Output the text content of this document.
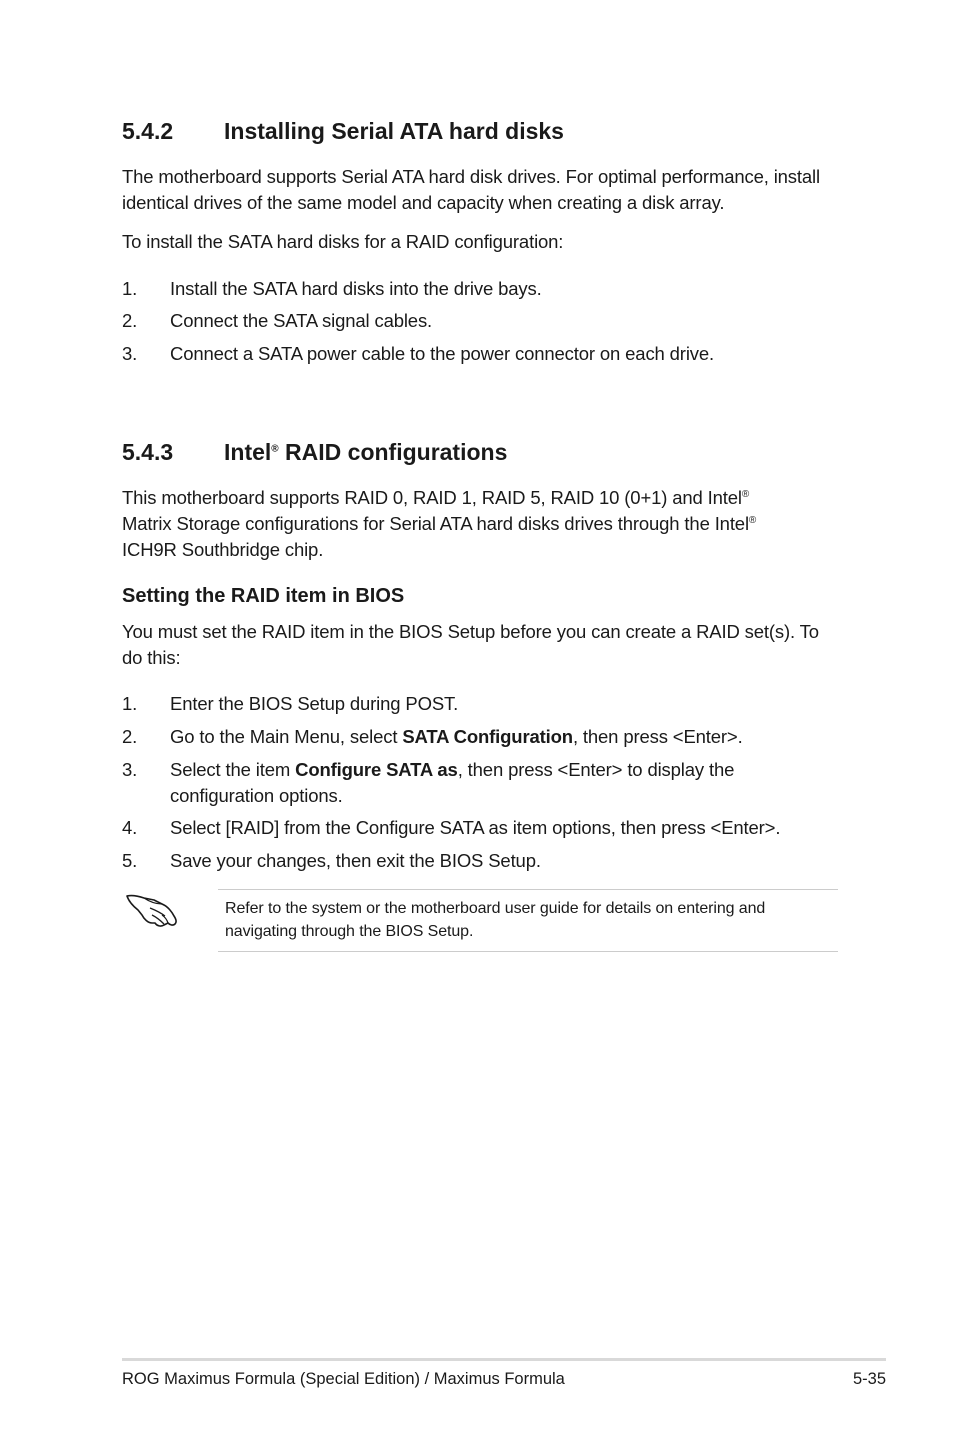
5.4.2 Installing Serial ATA hard disks
The motherboard supports Serial ATA hard disk drives. For optimal performance, install identical drives of the same model and capacity when creating a disk array.
To install the SATA hard disks for a RAID configuration:
1. Install the SATA hard disks into the drive bays.
2. Connect the SATA signal cables.
3. Connect a SATA power cable to the power connector on each drive.
5.4.3 Intel® RAID configurations
This motherboard supports RAID 0, RAID 1, RAID 5, RAID 10 (0+1) and Intel®
Matrix Storage configurations for Serial ATA hard disks drives through the Intel®
ICH9R Southbridge chip.
Setting the RAID item in BIOS
You must set the RAID item in the BIOS Setup before you can create a RAID set(s). To do this:
1. Enter the BIOS Setup during POST.
2. Go to the Main Menu, select SATA Configuration, then press <Enter>.
3. Select the item Configure SATA as, then press <Enter> to display the configuration options.
4. Select [RAID] from the Configure SATA as item options, then press <Enter>.
5. Save your changes, then exit the BIOS Setup.
Refer to the system or the motherboard user guide for details on entering and navigating through the BIOS Setup.
ROG Maximus Formula (Special Edition) / Maximus Formula	5-35
